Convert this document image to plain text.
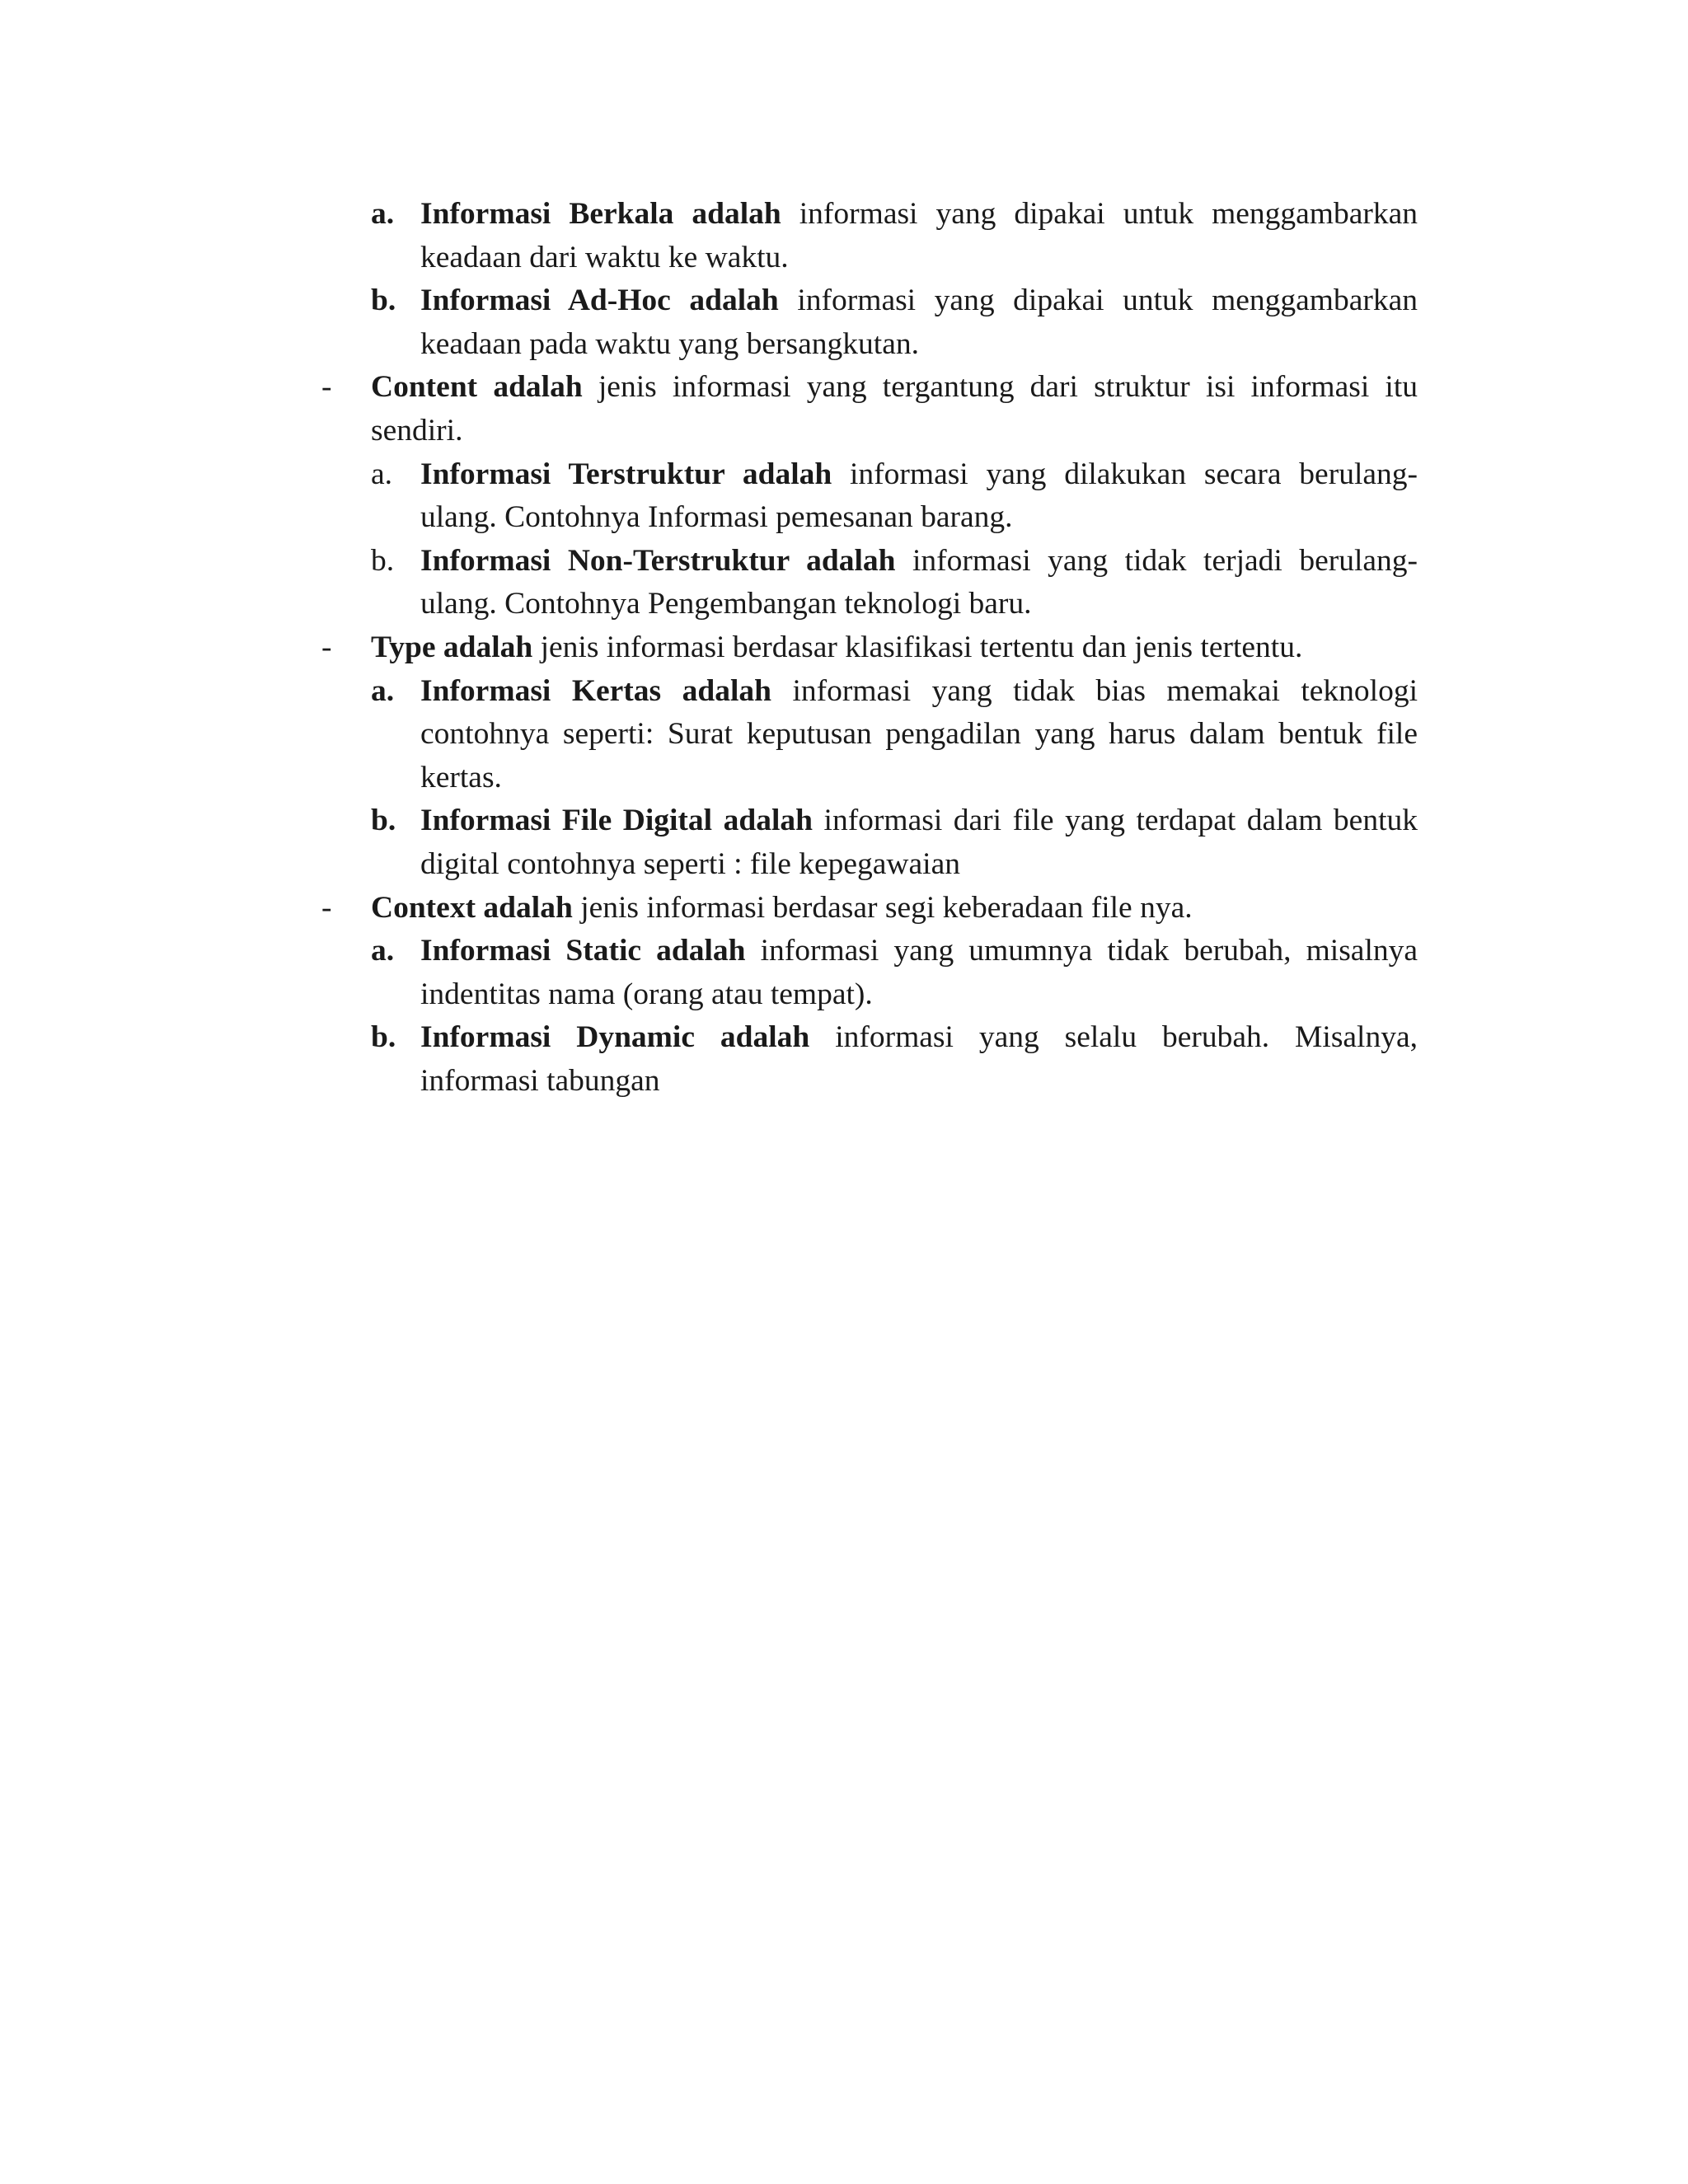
a. Informasi Berkala adalah informasi yang dipakai untuk menggambarkan keadaan dari waktu ke waktu.
b. Informasi Ad-Hoc adalah informasi yang dipakai untuk menggambarkan keadaan pada waktu yang bersangkutan.
- Content adalah jenis informasi yang tergantung dari struktur isi informasi itu sendiri.
a. Informasi Terstruktur adalah informasi yang dilakukan secara berulang-ulang. Contohnya Informasi pemesanan barang.
b. Informasi Non-Terstruktur adalah informasi yang tidak terjadi berulang-ulang. Contohnya Pengembangan teknologi baru.
- Type adalah jenis informasi berdasar klasifikasi tertentu dan jenis tertentu.
a. Informasi Kertas adalah informasi yang tidak bias memakai teknologi contohnya seperti: Surat keputusan pengadilan yang harus dalam bentuk file kertas.
b. Informasi File Digital adalah informasi dari file yang terdapat dalam bentuk digital contohnya seperti : file kepegawaian
- Context adalah jenis informasi berdasar segi keberadaan file nya.
a. Informasi Static adalah informasi yang umumnya tidak berubah, misalnya indentitas nama (orang atau tempat).
b. Informasi Dynamic adalah informasi yang selalu berubah. Misalnya, informasi tabungan
